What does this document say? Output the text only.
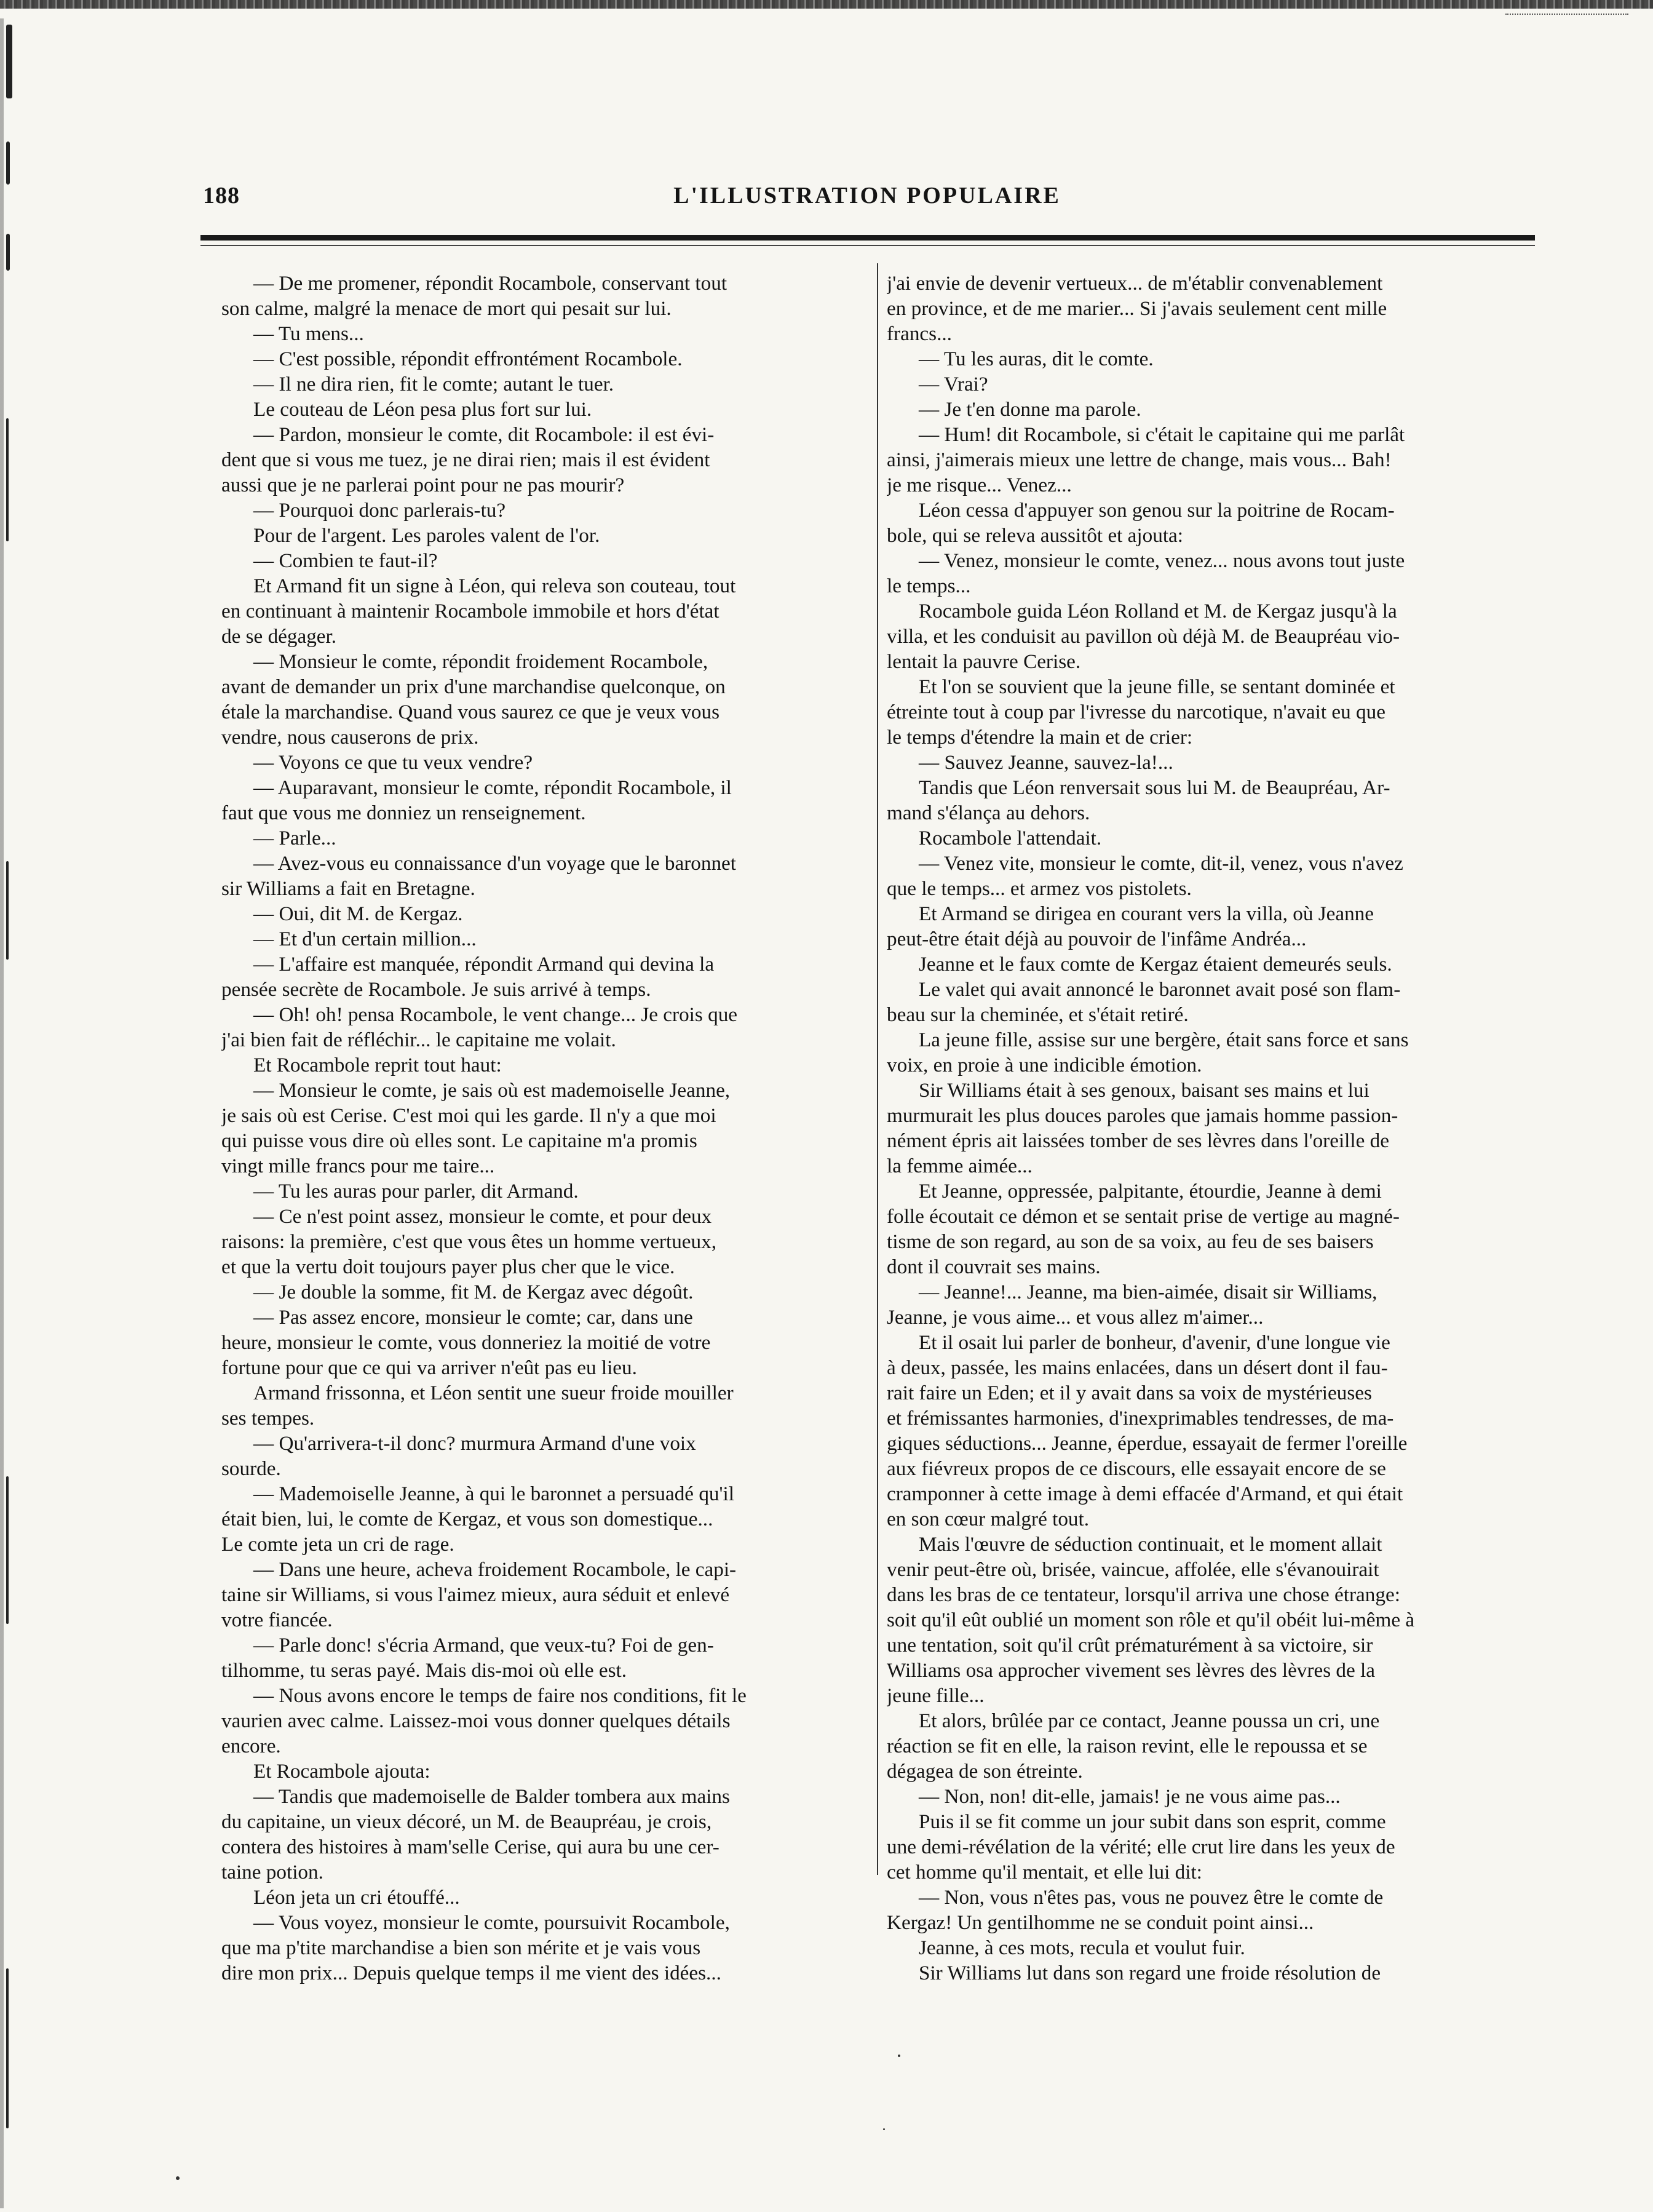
188	L'ILLUSTRATION POPULAIRE

— De me promener, répondit Rocambole, conservant tout

son calme, malgré la menace de mort qui pesait sur lui.

— Tu mens...

— C'est possible, répondit effrontément Rocambole.

— Il ne dira rien, fit le comte; autant le tuer.

Le couteau de Léon pesa plus fort sur lui.

— Pardon, monsieur le comte, dit Rocambole: il est évi-

dent que si vous me tuez, je ne dirai rien; mais il est évident

aussi que je ne parlerai point pour ne pas mourir?

— Pourquoi donc parlerais-tu?

Pour de l'argent. Les paroles valent de l'or.

— Combien te faut-il?

Et Armand fit un signe à Léon, qui releva son couteau, tout

en continuant à maintenir Rocambole immobile et hors d'état

de se dégager.

— Monsieur le comte, répondit froidement Rocambole,

avant de demander un prix d'une marchandise quelconque, on

étale la marchandise. Quand vous saurez ce que je veux vous

vendre, nous causerons de prix.

— Voyons ce que tu veux vendre?

— Auparavant, monsieur le comte, répondit Rocambole, il

faut que vous me donniez un renseignement.

— Parle...

— Avez-vous eu connaissance d'un voyage que le baronnet

sir Williams a fait en Bretagne.

— Oui, dit M. de Kergaz.

— Et d'un certain million...

— L'affaire est manquée, répondit Armand qui devina la

pensée secrète de Rocambole. Je suis arrivé à temps.

— Oh! oh! pensa Rocambole, le vent change... Je crois que

j'ai bien fait de réfléchir... le capitaine me volait.

Et Rocambole reprit tout haut:

— Monsieur le comte, je sais où est mademoiselle Jeanne,

je sais où est Cerise. C'est moi qui les garde. Il n'y a que moi

qui puisse vous dire où elles sont. Le capitaine m'a promis

vingt mille francs pour me taire...

— Tu les auras pour parler, dit Armand.

— Ce n'est point assez, monsieur le comte, et pour deux

raisons: la première, c'est que vous êtes un homme vertueux,

et que la vertu doit toujours payer plus cher que le vice.

— Je double la somme, fit M. de Kergaz avec dégoût.

— Pas assez encore, monsieur le comte; car, dans une

heure, monsieur le comte, vous donneriez la moitié de votre

fortune pour que ce qui va arriver n'eût pas eu lieu.

Armand frissonna, et Léon sentit une sueur froide mouiller

ses tempes.

— Qu'arrivera-t-il donc? murmura Armand d'une voix

sourde.

— Mademoiselle Jeanne, à qui le baronnet a persuadé qu'il

était bien, lui, le comte de Kergaz, et vous son domestique...

Le comte jeta un cri de rage.

— Dans une heure, acheva froidement Rocambole, le capi-

taine sir Williams, si vous l'aimez mieux, aura séduit et enlevé

votre fiancée.

— Parle donc! s'écria Armand, que veux-tu? Foi de gen-

tilhomme, tu seras payé. Mais dis-moi où elle est.

— Nous avons encore le temps de faire nos conditions, fit le

vaurien avec calme. Laissez-moi vous donner quelques détails

encore.

Et Rocambole ajouta:

— Tandis que mademoiselle de Balder tombera aux mains

du capitaine, un vieux décoré, un M. de Beaupréau, je crois,

contera des histoires à mam'selle Cerise, qui aura bu une cer-

taine potion.

Léon jeta un cri étouffé...

— Vous voyez, monsieur le comte, poursuivit Rocambole,

que ma p'tite marchandise a bien son mérite et je vais vous

dire mon prix... Depuis quelque temps il me vient des idées...

j'ai envie de devenir vertueux... de m'établir convenablement

en province, et de me marier... Si j'avais seulement cent mille

francs...

— Tu les auras, dit le comte.

— Vrai?

— Je t'en donne ma parole.

— Hum! dit Rocambole, si c'était le capitaine qui me parlât

ainsi, j'aimerais mieux une lettre de change, mais vous... Bah!

je me risque... Venez...

Léon cessa d'appuyer son genou sur la poitrine de Rocam-

bole, qui se releva aussitôt et ajouta:

— Venez, monsieur le comte, venez... nous avons tout juste

le temps...

Rocambole guida Léon Rolland et M. de Kergaz jusqu'à la

villa, et les conduisit au pavillon où déjà M. de Beaupréau vio-

lentait la pauvre Cerise.

Et l'on se souvient que la jeune fille, se sentant dominée et

étreinte tout à coup par l'ivresse du narcotique, n'avait eu que

le temps d'étendre la main et de crier:

— Sauvez Jeanne, sauvez-la!...

Tandis que Léon renversait sous lui M. de Beaupréau, Ar-

mand s'élança au dehors.

Rocambole l'attendait.

— Venez vite, monsieur le comte, dit-il, venez, vous n'avez

que le temps... et armez vos pistolets.

Et Armand se dirigea en courant vers la villa, où Jeanne

peut-être était déjà au pouvoir de l'infâme Andréa...

Jeanne et le faux comte de Kergaz étaient demeurés seuls.

Le valet qui avait annoncé le baronnet avait posé son flam-

beau sur la cheminée, et s'était retiré.

La jeune fille, assise sur une bergère, était sans force et sans

voix, en proie à une indicible émotion.

Sir Williams était à ses genoux, baisant ses mains et lui

murmurait les plus douces paroles que jamais homme passion-

nément épris ait laissées tomber de ses lèvres dans l'oreille de

la femme aimée...

Et Jeanne, oppressée, palpitante, étourdie, Jeanne à demi

folle écoutait ce démon et se sentait prise de vertige au magné-

tisme de son regard, au son de sa voix, au feu de ses baisers

dont il couvrait ses mains.

— Jeanne!... Jeanne, ma bien-aimée, disait sir Williams,

Jeanne, je vous aime... et vous allez m'aimer...

Et il osait lui parler de bonheur, d'avenir, d'une longue vie

à deux, passée, les mains enlacées, dans un désert dont il fau-

rait faire un Eden; et il y avait dans sa voix de mystérieuses

et frémissantes harmonies, d'inexprimables tendresses, de ma-

giques séductions... Jeanne, éperdue, essayait de fermer l'oreille

aux fiévreux propos de ce discours, elle essayait encore de se

cramponner à cette image à demi effacée d'Armand, et qui était

en son cœur malgré tout.

Mais l'œuvre de séduction continuait, et le moment allait

venir peut-être où, brisée, vaincue, affolée, elle s'évanouirait

dans les bras de ce tentateur, lorsqu'il arriva une chose étrange:

soit qu'il eût oublié un moment son rôle et qu'il obéit lui-même à

une tentation, soit qu'il crût prématurément à sa victoire, sir

Williams osa approcher vivement ses lèvres des lèvres de la

jeune fille...

Et alors, brûlée par ce contact, Jeanne poussa un cri, une

réaction se fit en elle, la raison revint, elle le repoussa et se

dégagea de son étreinte.

— Non, non! dit-elle, jamais! je ne vous aime pas...

Puis il se fit comme un jour subit dans son esprit, comme

une demi-révélation de la vérité; elle crut lire dans les yeux de

cet homme qu'il mentait, et elle lui dit:

— Non, vous n'êtes pas, vous ne pouvez être le comte de

Kergaz! Un gentilhomme ne se conduit point ainsi...

Jeanne, à ces mots, recula et voulut fuir.

Sir Williams lut dans son regard une froide résolution de
